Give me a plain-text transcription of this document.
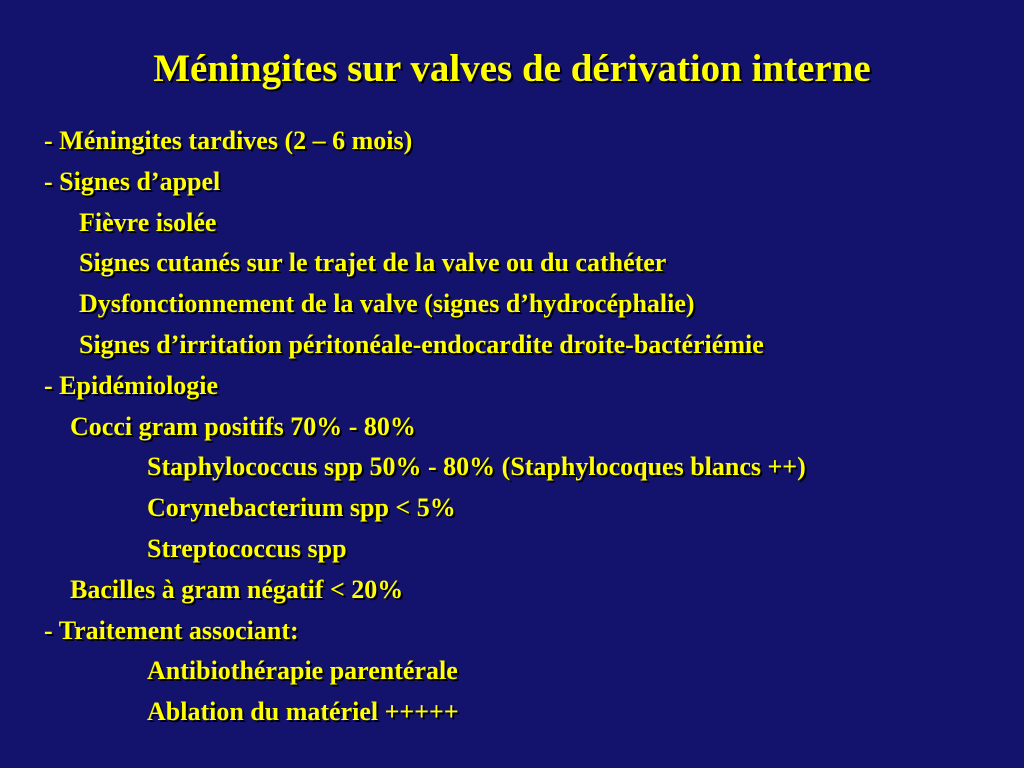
Méningites sur valves de dérivation interne
- Méningites tardives (2 – 6 mois)
- Signes d’appel
Fièvre isolée
Signes cutanés sur le trajet de la valve ou du cathéter
Dysfonctionnement de la valve (signes d’hydrocéphalie)
Signes d’irritation péritonéale-endocardite droite-bactériémie
- Epidémiologie
Cocci gram positifs 70% - 80%
Staphylococcus spp 50% - 80% (Staphylocoques blancs ++)
Corynebacterium spp < 5%
Streptococcus spp
Bacilles à gram négatif < 20%
- Traitement associant:
Antibiothérapie parentérale
Ablation du matériel +++++
